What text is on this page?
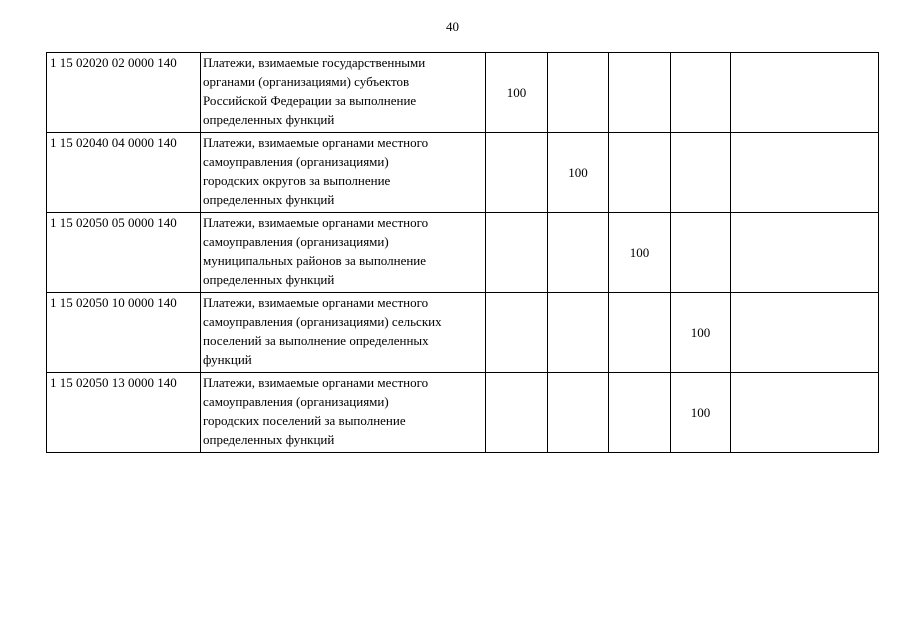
40
1 15 02020 02 0000 140	Платежи, взимаемые государственными
органами (организациями) субъектов
Российской Федерации за выполнение
определенных функций	100				
1 15 02040 04 0000 140	Платежи, взимаемые органами местного
самоуправления (организациями)
городских округов за выполнение
определенных функций		100			
1 15 02050 05 0000 140	Платежи, взимаемые органами местного
самоуправления (организациями)
муниципальных районов за выполнение
определенных функций			100		
1 15 02050 10 0000 140	Платежи, взимаемые органами местного
самоуправления (организациями) сельских
поселений за выполнение определенных
функций				100	
1 15 02050 13 0000 140	Платежи, взимаемые органами местного
самоуправления (организациями)
городских поселений за выполнение
определенных функций				100	
